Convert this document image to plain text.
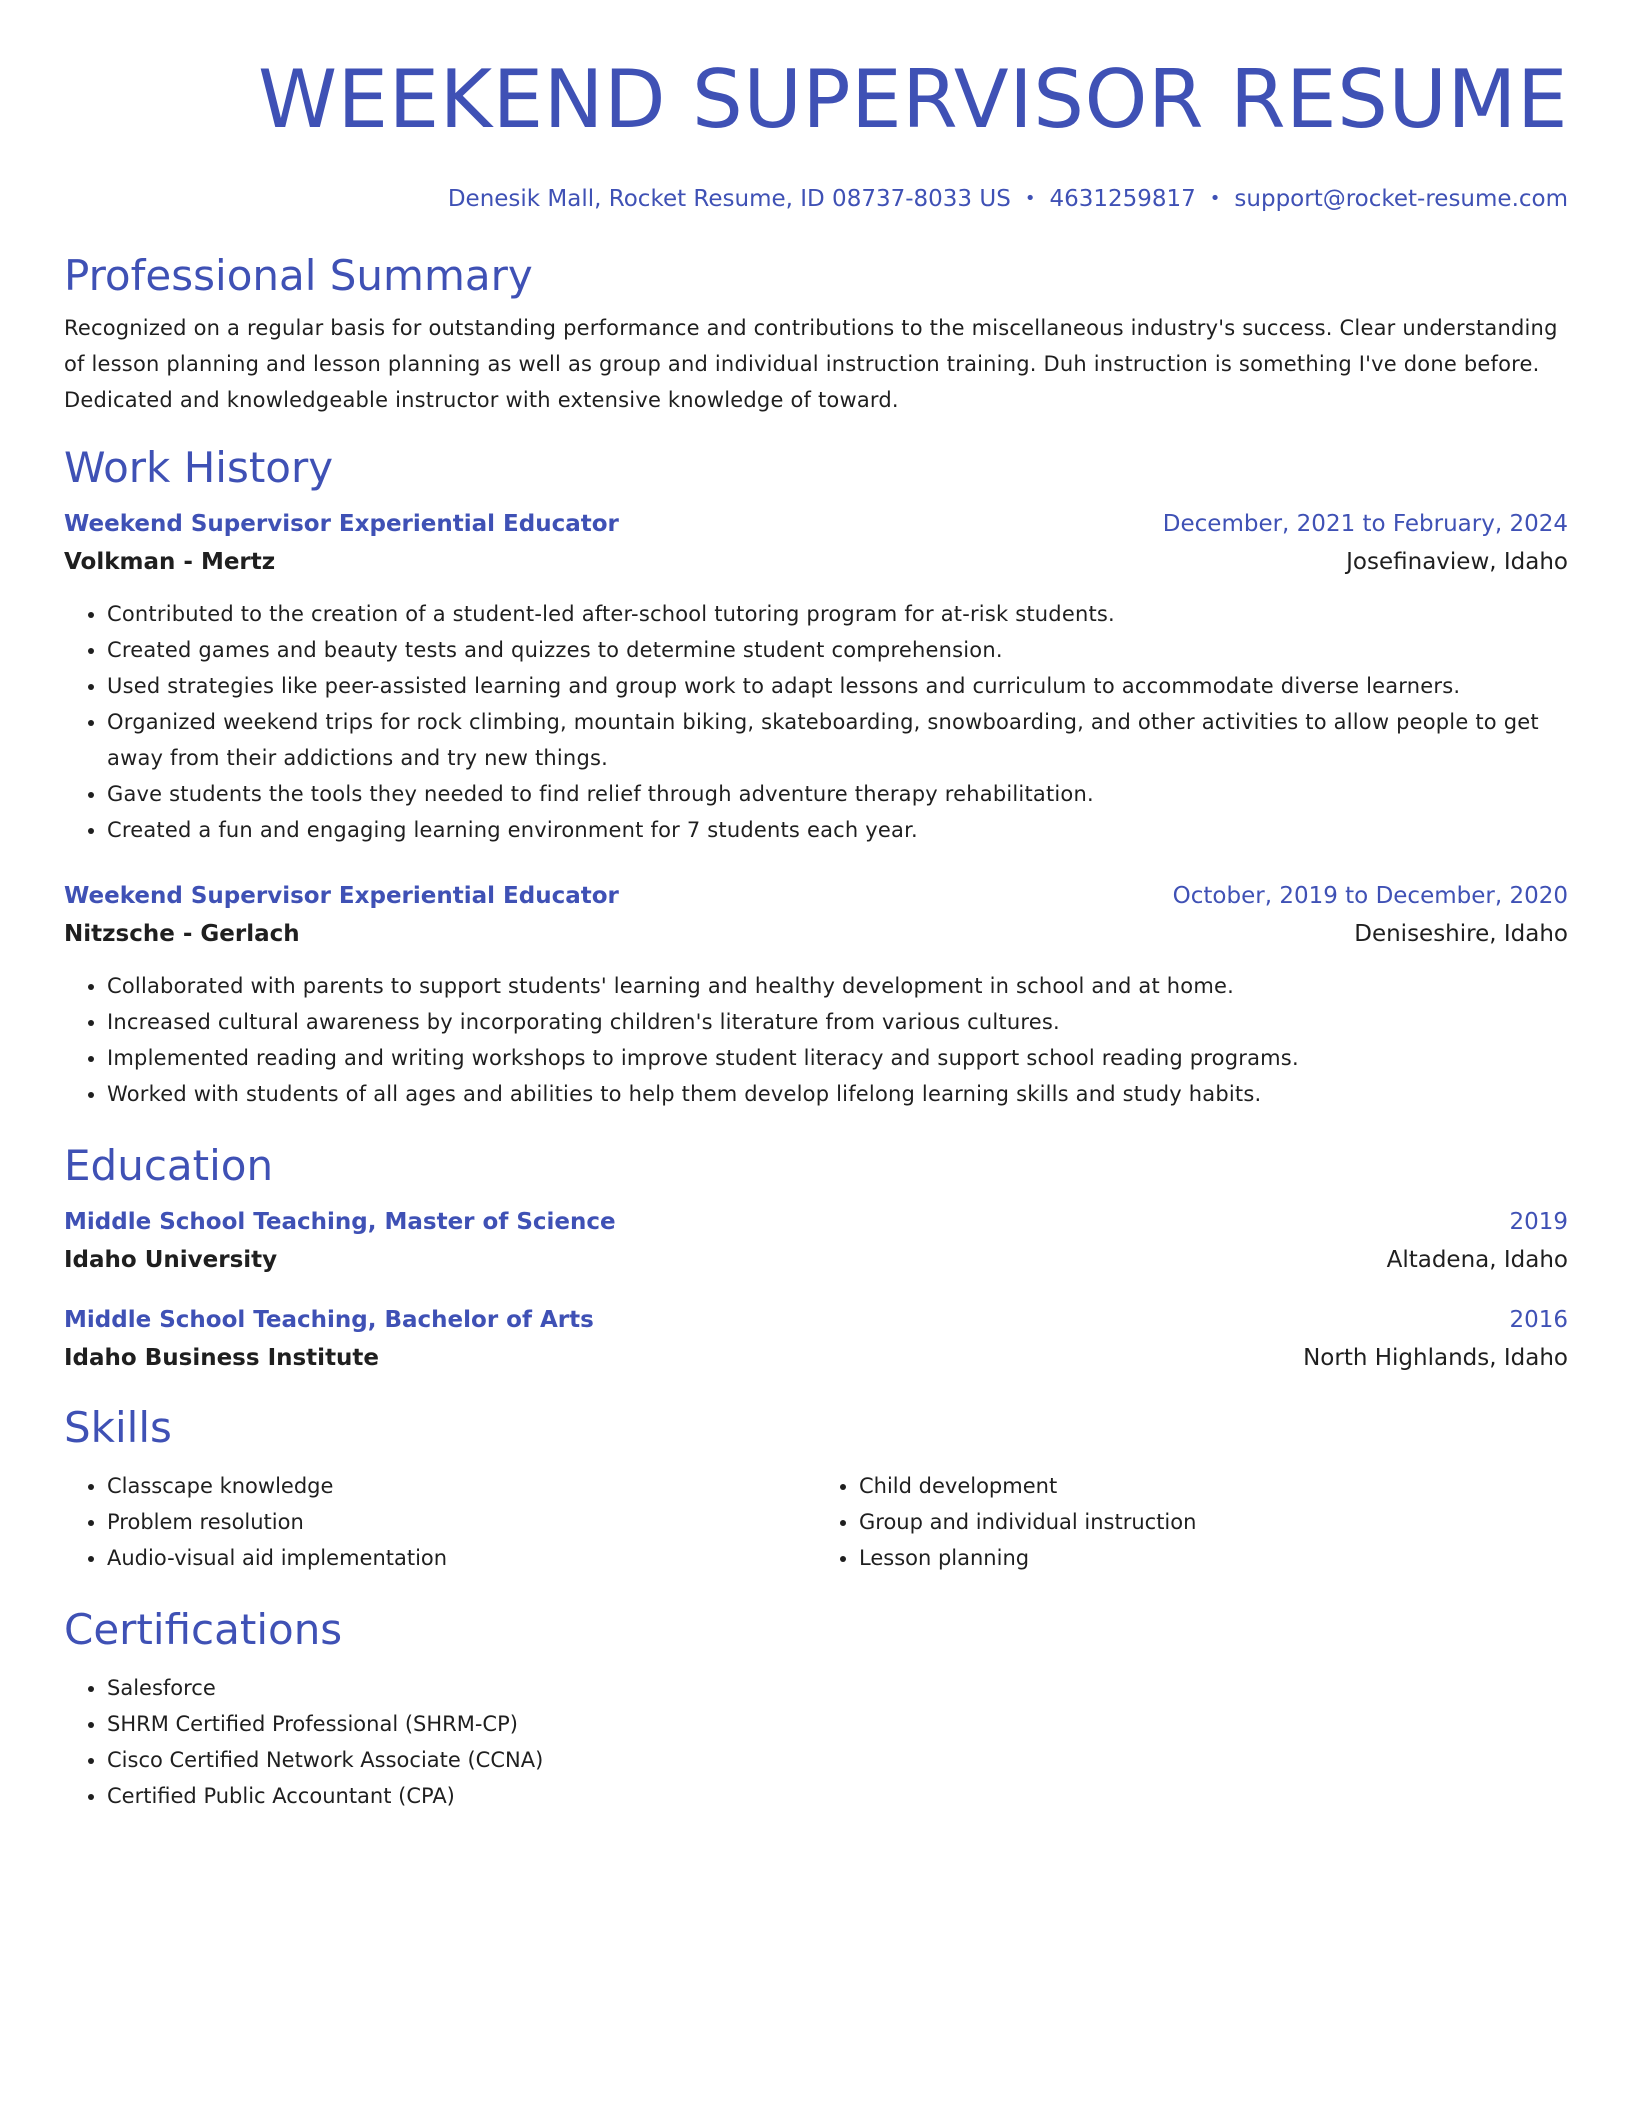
WEEKEND SUPERVISOR RESUME
Denesik Mall, Rocket Resume, ID 08737-8033 US • 4631259817 • support@rocket-resume.com
Professional Summary
Recognized on a regular basis for outstanding performance and contributions to the miscellaneous industry's success. Clear understanding of lesson planning and lesson planning as well as group and individual instruction training. Duh instruction is something I've done before. Dedicated and knowledgeable instructor with extensive knowledge of toward.
Work History
Weekend Supervisor Experiential Educator	December, 2021 to February, 2024
Volkman - Mertz	Josefinaview, Idaho
• Contributed to the creation of a student-led after-school tutoring program for at-risk students.
• Created games and beauty tests and quizzes to determine student comprehension.
• Used strategies like peer-assisted learning and group work to adapt lessons and curriculum to accommodate diverse learners.
• Organized weekend trips for rock climbing, mountain biking, skateboarding, snowboarding, and other activities to allow people to get away from their addictions and try new things.
• Gave students the tools they needed to find relief through adventure therapy rehabilitation.
• Created a fun and engaging learning environment for 7 students each year.
Weekend Supervisor Experiential Educator	October, 2019 to December, 2020
Nitzsche - Gerlach	Deniseshire, Idaho
• Collaborated with parents to support students' learning and healthy development in school and at home.
• Increased cultural awareness by incorporating children's literature from various cultures.
• Implemented reading and writing workshops to improve student literacy and support school reading programs.
• Worked with students of all ages and abilities to help them develop lifelong learning skills and study habits.
Education
Middle School Teaching, Master of Science	2019
Idaho University	Altadena, Idaho
Middle School Teaching, Bachelor of Arts	2016
Idaho Business Institute	North Highlands, Idaho
Skills
• Classcape knowledge
• Problem resolution
• Audio-visual aid implementation
• Child development
• Group and individual instruction
• Lesson planning
Certifications
• Salesforce
• SHRM Certified Professional (SHRM-CP)
• Cisco Certified Network Associate (CCNA)
• Certified Public Accountant (CPA)
